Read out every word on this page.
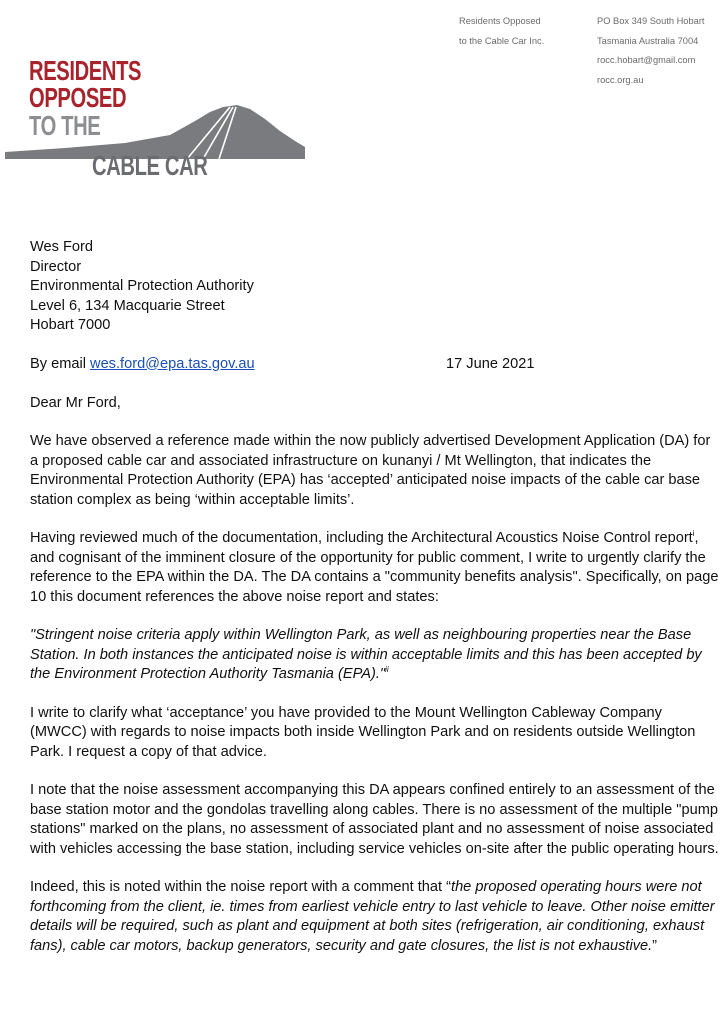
Residents Opposed
to the Cable Car Inc.
PO Box 349 South Hobart
Tasmania Australia 7004
rocc.hobart@gmail.com
rocc.org.au
RESIDENTS
OPPOSED
TO THE
CABLE CAR
Wes Ford
Director
Environmental Protection Authority
Level 6, 134 Macquarie Street
Hobart 7000
By email wes.ford@epa.tas.gov.au	17 June 2021
Dear Mr Ford,

We have observed a reference made within the now publicly advertised Development Application (DA) for a proposed cable car and associated infrastructure on kunanyi / Mt Wellington, that indicates the Environmental Protection Authority (EPA) has ‘accepted’ anticipated noise impacts of the cable car base station complex as being ‘within acceptable limits’.

Having reviewed much of the documentation, including the Architectural Acoustics Noise Control report$^i$, and cognisant of the imminent closure of the opportunity for public comment, I write to urgently clarify the reference to the EPA within the DA. The DA contains a "community benefits analysis". Specifically, on page 10 this document references the above noise report and states:

"Stringent noise criteria apply within Wellington Park, as well as neighbouring properties near the Base Station. In both instances the anticipated noise is within acceptable limits and this has been accepted by the Environment Protection Authority Tasmania (EPA)."$^{ii}$

I write to clarify what ‘acceptance’ you have provided to the Mount Wellington Cableway Company (MWCC) with regards to noise impacts both inside Wellington Park and on residents outside Wellington Park. I request a copy of that advice.

I note that the noise assessment accompanying this DA appears confined entirely to an assessment of the base station motor and the gondolas travelling along cables. There is no assessment of the multiple "pump stations" marked on the plans, no assessment of associated plant and no assessment of noise associated with vehicles accessing the base station, including service vehicles on-site after the public operating hours.

Indeed, this is noted within the noise report with a comment that “the proposed operating hours were not forthcoming from the client, ie. times from earliest vehicle entry to last vehicle to leave. Other noise emitter details will be required, such as plant and equipment at both sites (refrigeration, air conditioning, exhaust fans), cable car motors, backup generators, security and gate closures, the list is not exhaustive.”
